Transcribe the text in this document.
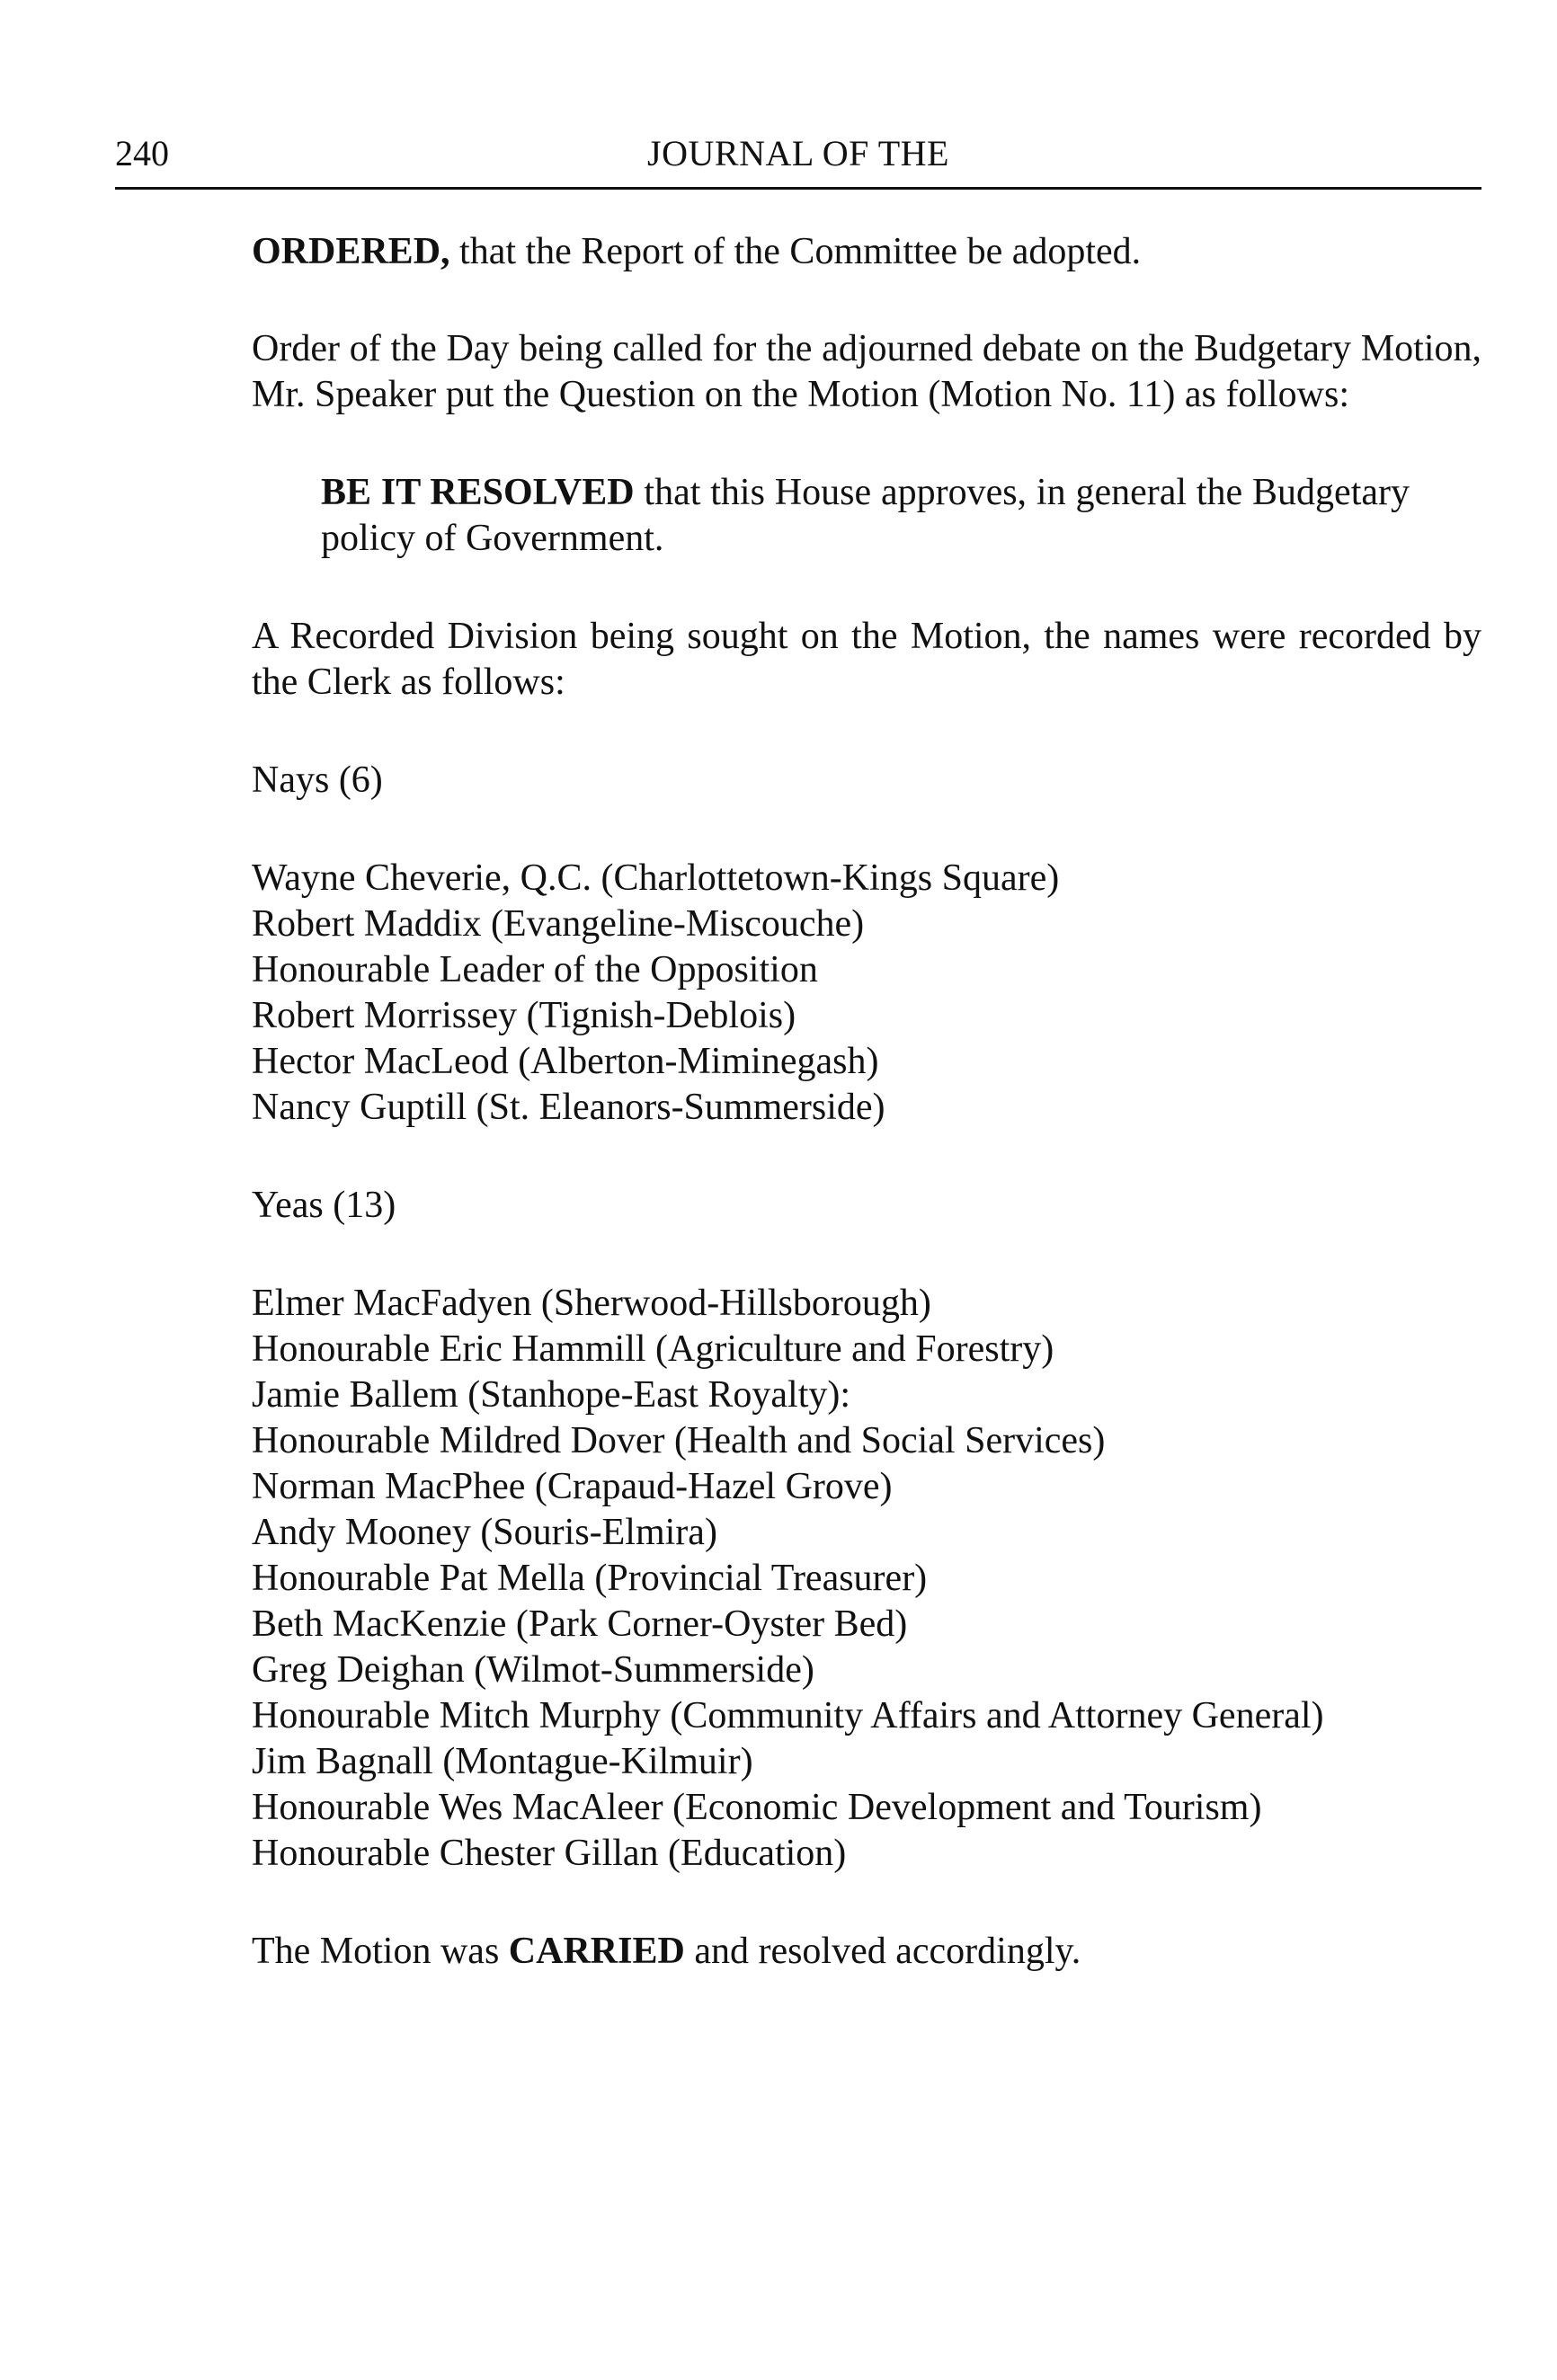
240	JOURNAL OF THE

ORDERED, that the Report of the Committee be adopted.

Order of the Day being called for the adjourned debate on the Budgetary Motion, Mr. Speaker put the Question on the Motion (Motion No. 11) as follows:

BE IT RESOLVED that this House approves, in general the Budgetary policy of Government.

A Recorded Division being sought on the Motion, the names were recorded by the Clerk as follows:

Nays (6)

Wayne Cheverie, Q.C. (Charlottetown-Kings Square)
Robert Maddix (Evangeline-Miscouche)
Honourable Leader of the Opposition
Robert Morrissey (Tignish-Deblois)
Hector MacLeod (Alberton-Miminegash)
Nancy Guptill (St. Eleanors-Summerside)

Yeas (13)

Elmer MacFadyen (Sherwood-Hillsborough)
Honourable Eric Hammill (Agriculture and Forestry)
Jamie Ballem (Stanhope-East Royalty):
Honourable Mildred Dover (Health and Social Services)
Norman MacPhee (Crapaud-Hazel Grove)
Andy Mooney (Souris-Elmira)
Honourable Pat Mella (Provincial Treasurer)
Beth MacKenzie (Park Corner-Oyster Bed)
Greg Deighan (Wilmot-Summerside)
Honourable Mitch Murphy (Community Affairs and Attorney General)
Jim Bagnall (Montague-Kilmuir)
Honourable Wes MacAleer (Economic Development and Tourism)
Honourable Chester Gillan (Education)

The Motion was CARRIED and resolved accordingly.
